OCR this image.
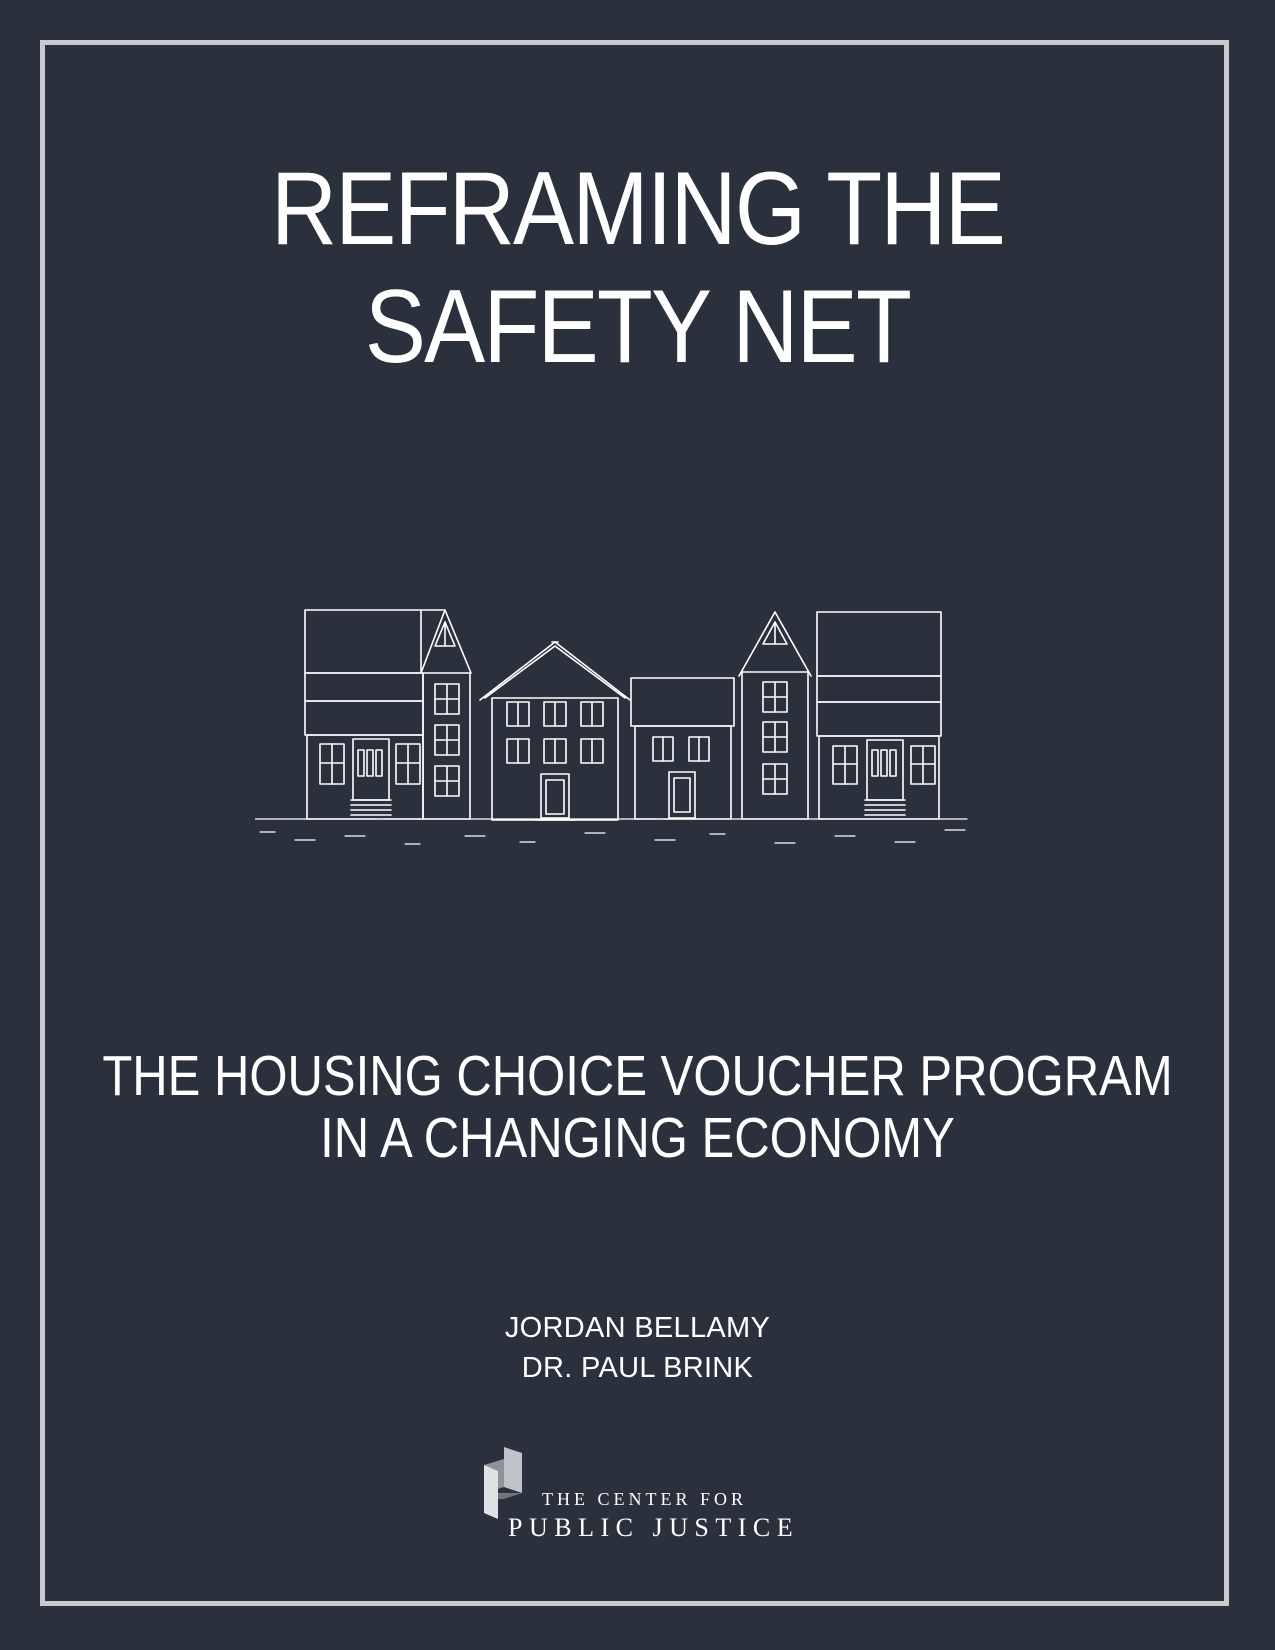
REFRAMING THE
SAFETY NET
THE HOUSING CHOICE VOUCHER PROGRAM
IN A CHANGING ECONOMY
JORDAN BELLAMY
DR. PAUL BRINK
THE CENTER FOR
PUBLIC JUSTICE
